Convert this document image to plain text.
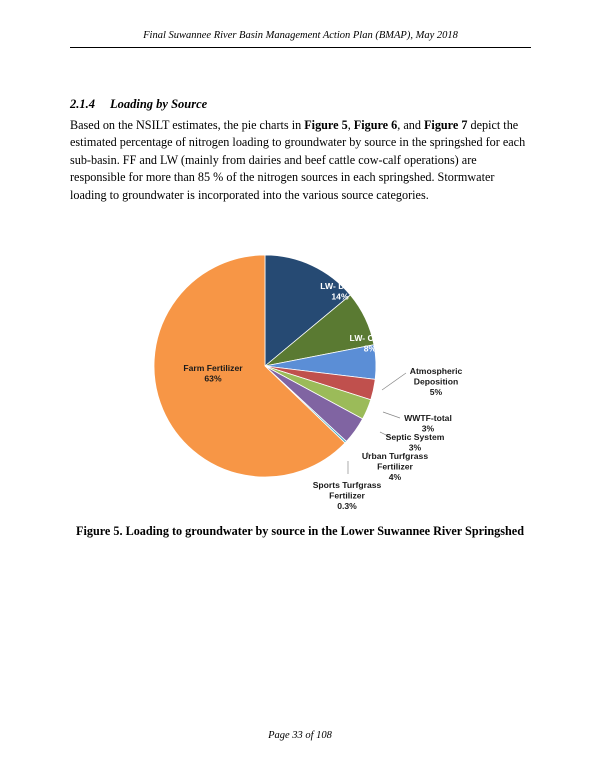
Final Suwannee River Basin Management Action Plan (BMAP), May 2018
2.1.4 Loading by Source

Based on the NSILT estimates, the pie charts in Figure 5, Figure 6, and Figure 7 depict the estimated percentage of nitrogen loading to groundwater by source in the springshed for each sub-basin. FF and LW (mainly from dairies and beef cattle cow-calf operations) are responsible for more than 85 % of the nitrogen sources in each springshed. Stormwater loading to groundwater is incorporated into the various source categories.

LW- Dairy 14%
LW- Other 8%
Atmospheric Deposition 5%
WWTF-total 3%
Septic System 3%
Urban Turfgrass Fertilizer 4%
Sports Turfgrass Fertilizer 0.3%
Farm Fertilizer 63%
Figure 5. Loading to groundwater by source in the Lower Suwannee River Springshed
Page 33 of 108
